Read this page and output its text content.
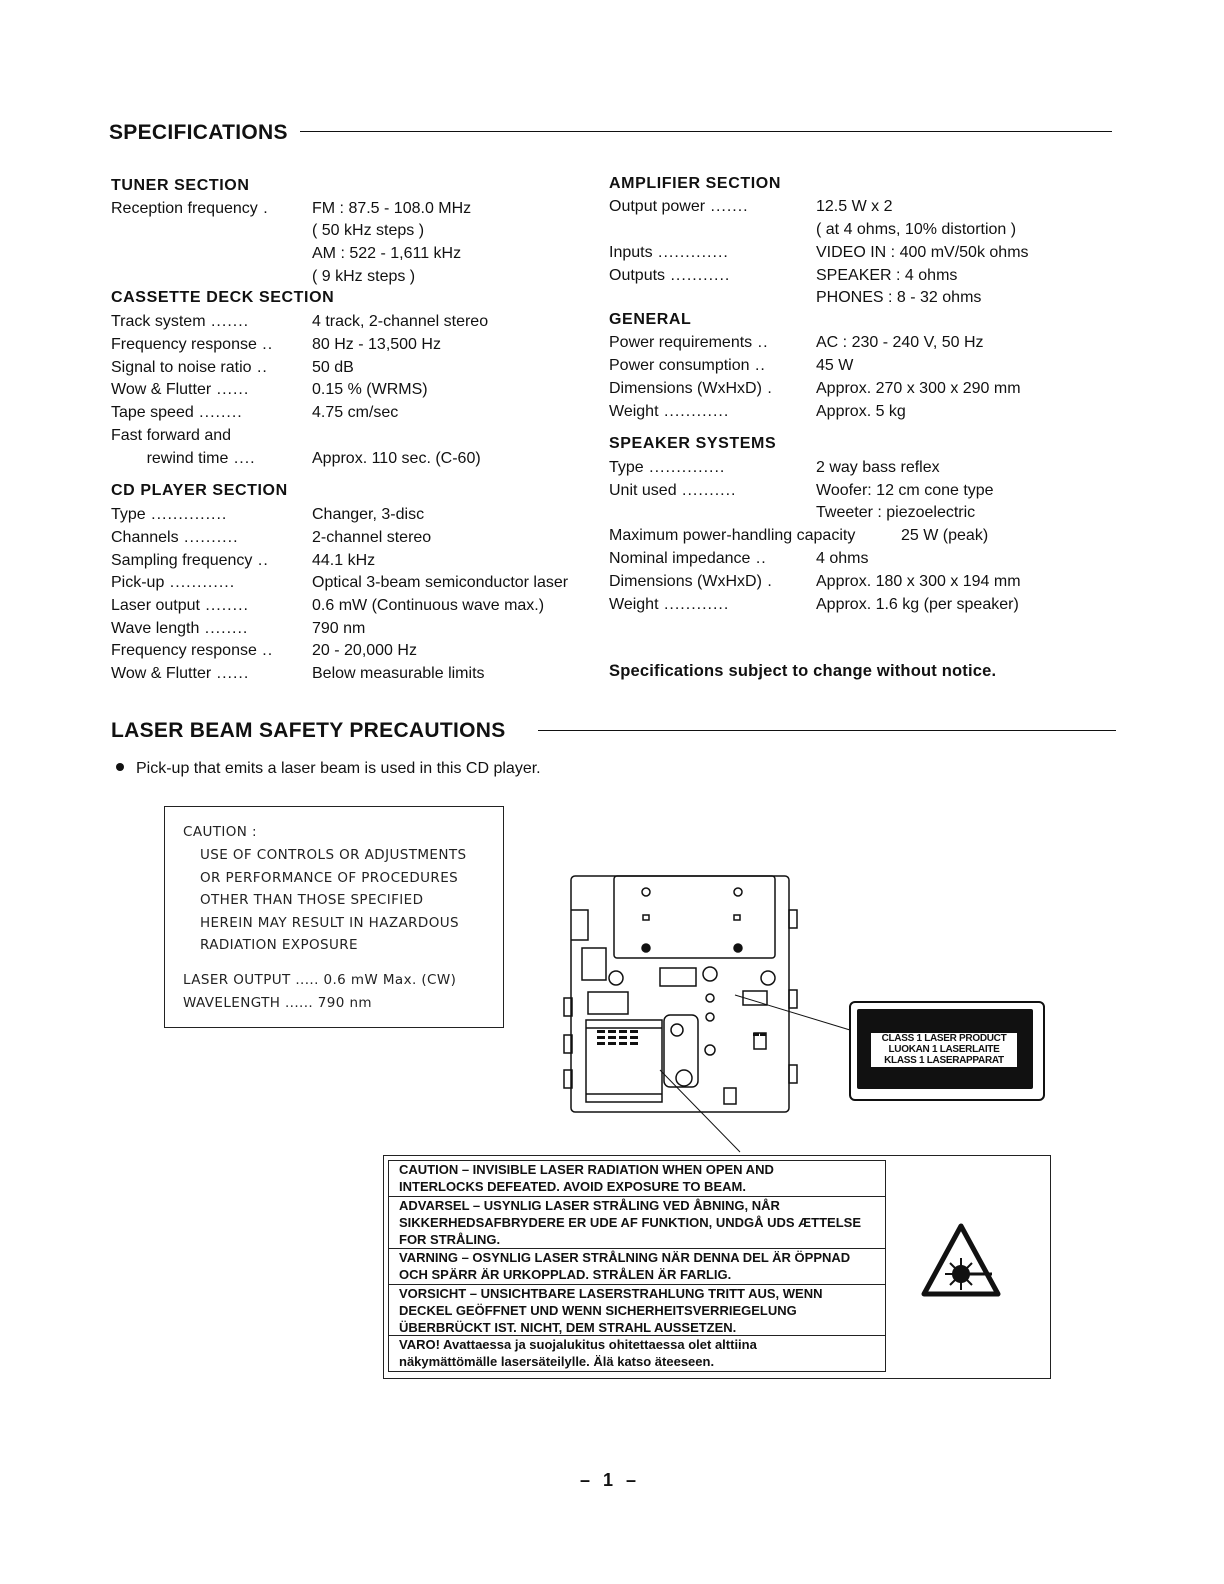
SPECIFICATIONS
TUNER SECTION
Reception frequency .	FM : 87.5 - 108.0 MHz
( 50 kHz steps )
AM : 522 - 1,611 kHz
( 9 kHz steps )
CASSETTE DECK SECTION
Track system .......	4 track, 2-channel stereo
Frequency response .. 80 Hz - 13,500 Hz
Signal to noise ratio ..	50 dB
Wow & Flutter ......	0.15 % (WRMS)
Tape speed ........	4.75 cm/sec
Fast forward and
rewind time ....	Approx. 110 sec. (C-60)
CD PLAYER SECTION
Type ..............	Changer, 3-disc
Channels ..........	2-channel stereo
Sampling frequency ..	44.1 kHz
Pick-up ............	Optical 3-beam semiconductor laser
Laser output ........	0.6 mW (Continuous wave max.)
Wave length ........	790 nm
Frequency response .. 20 - 20,000 Hz
Wow & Flutter ......	Below measurable limits
AMPLIFIER SECTION
Output power .......	12.5 W x 2
( at 4 ohms, 10% distortion )
Inputs .............	VIDEO IN : 400 mV/50k ohms
Outputs ...........	SPEAKER : 4 ohms
PHONES : 8 - 32 ohms
GENERAL
Power requirements ..	AC : 230 - 240 V, 50 Hz
Power consumption ..	45 W
Dimensions (WxHxD) .	Approx. 270 x 300 x 290 mm
Weight ............	Approx. 5 kg
SPEAKER SYSTEMS
Type ..............	2 way bass reflex
Unit used ..........	Woofer: 12 cm cone type
Tweeter : piezoelectric
Maximum power-handling capacity	25 W (peak)
Nominal impedance ..	4 ohms
Dimensions (WxHxD) .	Approx. 180 x 300 x 194 mm
Weight ............	Approx. 1.6 kg (per speaker)
Specifications subject to change without notice.
LASER BEAM SAFETY PRECAUTIONS
Pick-up that emits a laser beam is used in this CD player.
CAUTION :
USE OF CONTROLS OR ADJUSTMENTS
OR PERFORMANCE OF PROCEDURES
OTHER THAN THOSE SPECIFIED
HEREIN MAY RESULT IN HAZARDOUS
RADIATION EXPOSURE
LASER OUTPUT ..... 0.6 mW Max. (CW)
WAVELENGTH ...... 790 nm
CLASS 1 LASER PRODUCT
LUOKAN 1 LASERLAITE
KLASS 1 LASERAPPARAT
CAUTION – INVISIBLE LASER RADIATION WHEN OPEN AND
INTERLOCKS DEFEATED. AVOID EXPOSURE TO BEAM.
ADVARSEL – USYNLIG LASER STRÅLING VED ÅBNING, NÅR
SIKKERHEDSAFBRYDERE ER UDE AF FUNKTION, UNDGÅ UDS ÆTTELSE
FOR STRÅLING.
VARNING – OSYNLIG LASER STRÅLNING NÄR DENNA DEL ÄR ÖPPNAD
OCH SPÄRR ÄR URKOPPLAD. STRÅLEN ÄR FARLIG.
VORSICHT – UNSICHTBARE LASERSTRAHLUNG TRITT AUS, WENN
DECKEL GEÖFFNET UND WENN SICHERHEITSVERRIEGELUNG
ÜBERBRÜCKT IST. NICHT, DEM STRAHL AUSSETZEN.
VARO! Avattaessa ja suojalukitus ohitettaessa olet alttiina
näkymättömälle lasersäteilylle. Älä katso äteeseen.
– 1 –
